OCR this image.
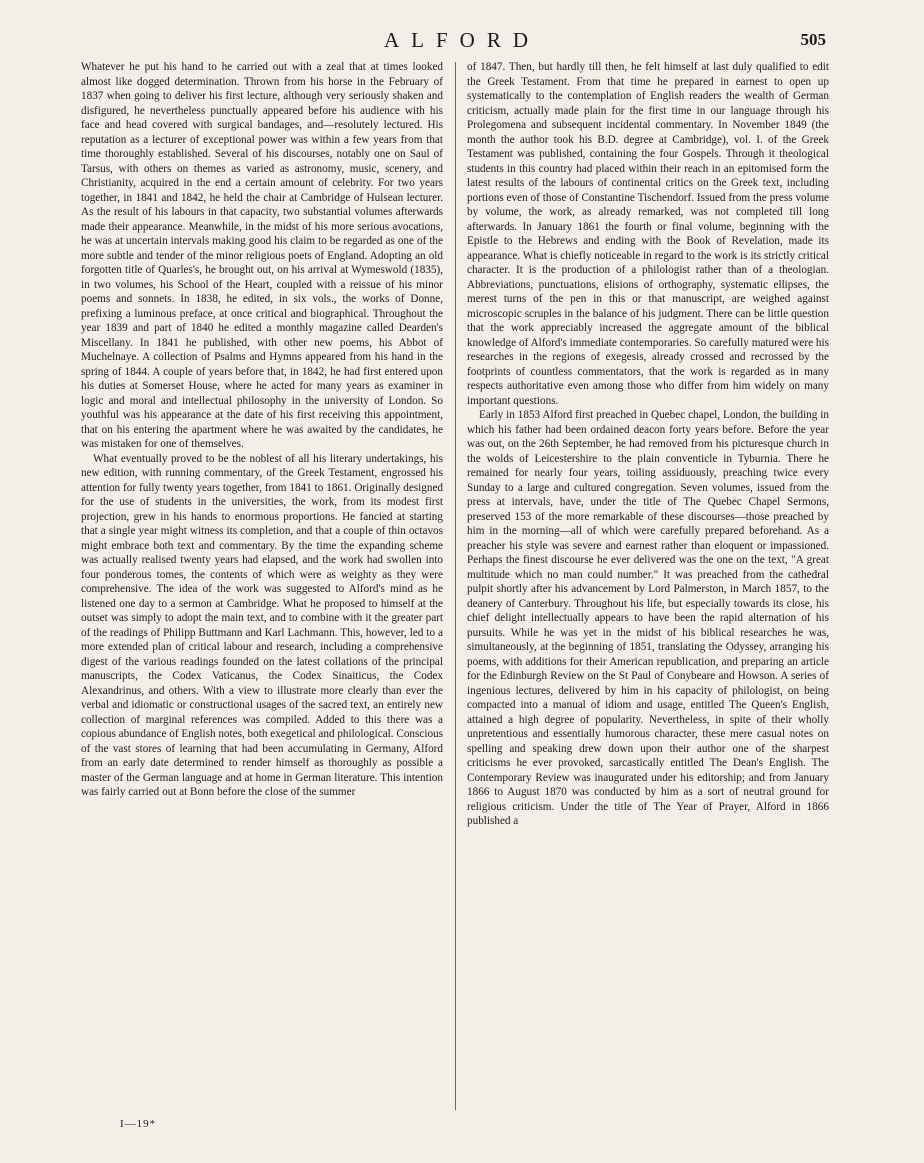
ALFORD	505

Whatever he put his hand to he carried out with a zeal that at times looked almost like dogged determination. Thrown from his horse in the February of 1837 when going to deliver his first lecture, although very seriously shaken and disfigured, he nevertheless punctually appeared before his audience with his face and head covered with surgical bandages, and—resolutely lectured. His reputation as a lecturer of exceptional power was within a few years from that time thoroughly established. Several of his discourses, notably one on Saul of Tarsus, with others on themes as varied as astronomy, music, scenery, and Christianity, acquired in the end a certain amount of celebrity. For two years together, in 1841 and 1842, he held the chair at Cambridge of Hulsean lecturer. As the result of his labours in that capacity, two substantial volumes afterwards made their appearance. Meanwhile, in the midst of his more serious avocations, he was at uncertain intervals making good his claim to be regarded as one of the more subtle and tender of the minor religious poets of England. Adopting an old forgotten title of Quarles's, he brought out, on his arrival at Wymeswold (1835), in two volumes, his School of the Heart, coupled with a reissue of his minor poems and sonnets. In 1838, he edited, in six vols., the works of Donne, prefixing a luminous preface, at once critical and biographical. Throughout the year 1839 and part of 1840 he edited a monthly magazine called Dearden's Miscellany. In 1841 he published, with other new poems, his Abbot of Muchelnaye. A collection of Psalms and Hymns appeared from his hand in the spring of 1844. A couple of years before that, in 1842, he had first entered upon his duties at Somerset House, where he acted for many years as examiner in logic and moral and intellectual philosophy in the university of London. So youthful was his appearance at the date of his first receiving this appointment, that on his entering the apartment where he was awaited by the candidates, he was mistaken for one of themselves.

What eventually proved to be the noblest of all his literary undertakings, his new edition, with running commentary, of the Greek Testament, engrossed his attention for fully twenty years together, from 1841 to 1861. Originally designed for the use of students in the universities, the work, from its modest first projection, grew in his hands to enormous proportions. He fancied at starting that a single year might witness its completion, and that a couple of thin octavos might embrace both text and commentary. By the time the expanding scheme was actually realised twenty years had elapsed, and the work had swollen into four ponderous tomes, the contents of which were as weighty as they were comprehensive. The idea of the work was suggested to Alford's mind as he listened one day to a sermon at Cambridge. What he proposed to himself at the outset was simply to adopt the main text, and to combine with it the greater part of the readings of Philipp Buttmann and Karl Lachmann. This, however, led to a more extended plan of critical labour and research, including a comprehensive digest of the various readings founded on the latest collations of the principal manuscripts, the Codex Vaticanus, the Codex Sinaiticus, the Codex Alexandrinus, and others. With a view to illustrate more clearly than ever the verbal and idiomatic or constructional usages of the sacred text, an entirely new collection of marginal references was compiled. Added to this there was a copious abundance of English notes, both exegetical and philological. Conscious of the vast stores of learning that had been accumulating in Germany, Alford from an early date determined to render himself as thoroughly as possible a master of the German language and at home in German literature. This intention was fairly carried out at Bonn before the close of the summer

of 1847. Then, but hardly till then, he felt himself at last duly qualified to edit the Greek Testament. From that time he prepared in earnest to open up systematically to the contemplation of English readers the wealth of German criticism, actually made plain for the first time in our language through his Prolegomena and subsequent incidental commentary. In November 1849 (the month the author took his B.D. degree at Cambridge), vol. I. of the Greek Testament was published, containing the four Gospels. Through it theological students in this country had placed within their reach in an epitomised form the latest results of the labours of continental critics on the Greek text, including portions even of those of Constantine Tischendorf. Issued from the press volume by volume, the work, as already remarked, was not completed till long afterwards. In January 1861 the fourth or final volume, beginning with the Epistle to the Hebrews and ending with the Book of Revelation, made its appearance. What is chiefly noticeable in regard to the work is its strictly critical character. It is the production of a philologist rather than of a theologian. Abbreviations, punctuations, elisions of orthography, systematic ellipses, the merest turns of the pen in this or that manuscript, are weighed against microscopic scruples in the balance of his judgment. There can be little question that the work appreciably increased the aggregate amount of the biblical knowledge of Alford's immediate contemporaries. So carefully matured were his researches in the regions of exegesis, already crossed and recrossed by the footprints of countless commentators, that the work is regarded as in many respects authoritative even among those who differ from him widely on many important questions.

Early in 1853 Alford first preached in Quebec chapel, London, the building in which his father had been ordained deacon forty years before. Before the year was out, on the 26th September, he had removed from his picturesque church in the wolds of Leicestershire to the plain conventicle in Tyburnia. There he remained for nearly four years, toiling assiduously, preaching twice every Sunday to a large and cultured congregation. Seven volumes, issued from the press at intervals, have, under the title of The Quebec Chapel Sermons, preserved 153 of the more remarkable of these discourses—those preached by him in the morning—all of which were carefully prepared beforehand. As a preacher his style was severe and earnest rather than eloquent or impassioned. Perhaps the finest discourse he ever delivered was the one on the text, "A great multitude which no man could number." It was preached from the cathedral pulpit shortly after his advancement by Lord Palmerston, in March 1857, to the deanery of Canterbury. Throughout his life, but especially towards its close, his chief delight intellectually appears to have been the rapid alternation of his pursuits. While he was yet in the midst of his biblical researches he was, simultaneously, at the beginning of 1851, translating the Odyssey, arranging his poems, with additions for their American republication, and preparing an article for the Edinburgh Review on the St Paul of Conybeare and Howson. A series of ingenious lectures, delivered by him in his capacity of philologist, on being compacted into a manual of idiom and usage, entitled The Queen's English, attained a high degree of popularity. Nevertheless, in spite of their wholly unpretentious and essentially humorous character, these mere casual notes on spelling and speaking drew down upon their author one of the sharpest criticisms he ever provoked, sarcastically entitled The Dean's English. The Contemporary Review was inaugurated under his editorship; and from January 1866 to August 1870 was conducted by him as a sort of neutral ground for religious criticism. Under the title of The Year of Prayer, Alford in 1866 published a

I—19*
